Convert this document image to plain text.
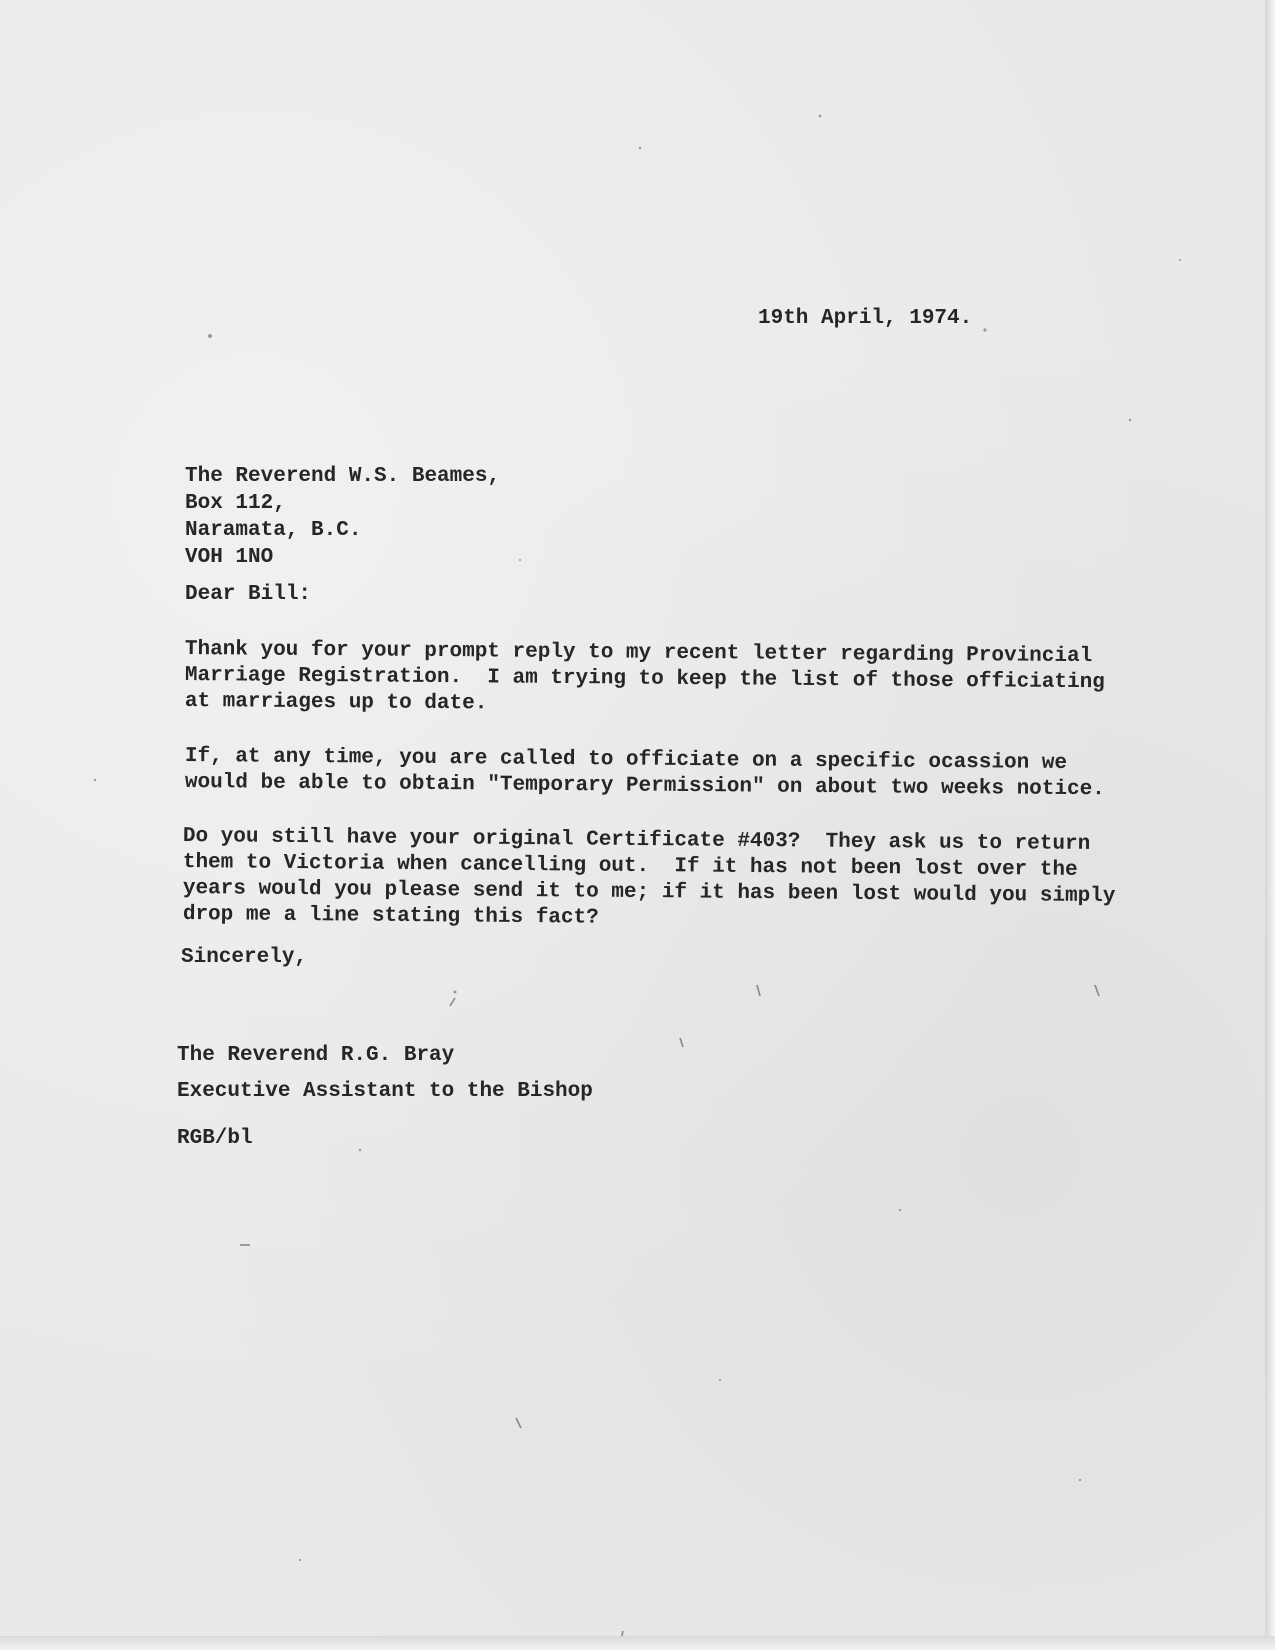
19th April, 1974.
The Reverend W.S. Beames,
Box 112,
Naramata, B.C.
VOH 1NO
Dear Bill:
Thank you for your prompt reply to my recent letter regarding Provincial
Marriage Registration.  I am trying to keep the list of those officiating
at marriages up to date.
If, at any time, you are called to officiate on a specific ocassion we
would be able to obtain "Temporary Permission" on about two weeks notice.
Do you still have your original Certificate #403?  They ask us to return
them to Victoria when cancelling out.  If it has not been lost over the
years would you please send it to me; if it has been lost would you simply
drop me a line stating this fact?
Sincerely,
The Reverend R.G. Bray
Executive Assistant to the Bishop
RGB/bl
